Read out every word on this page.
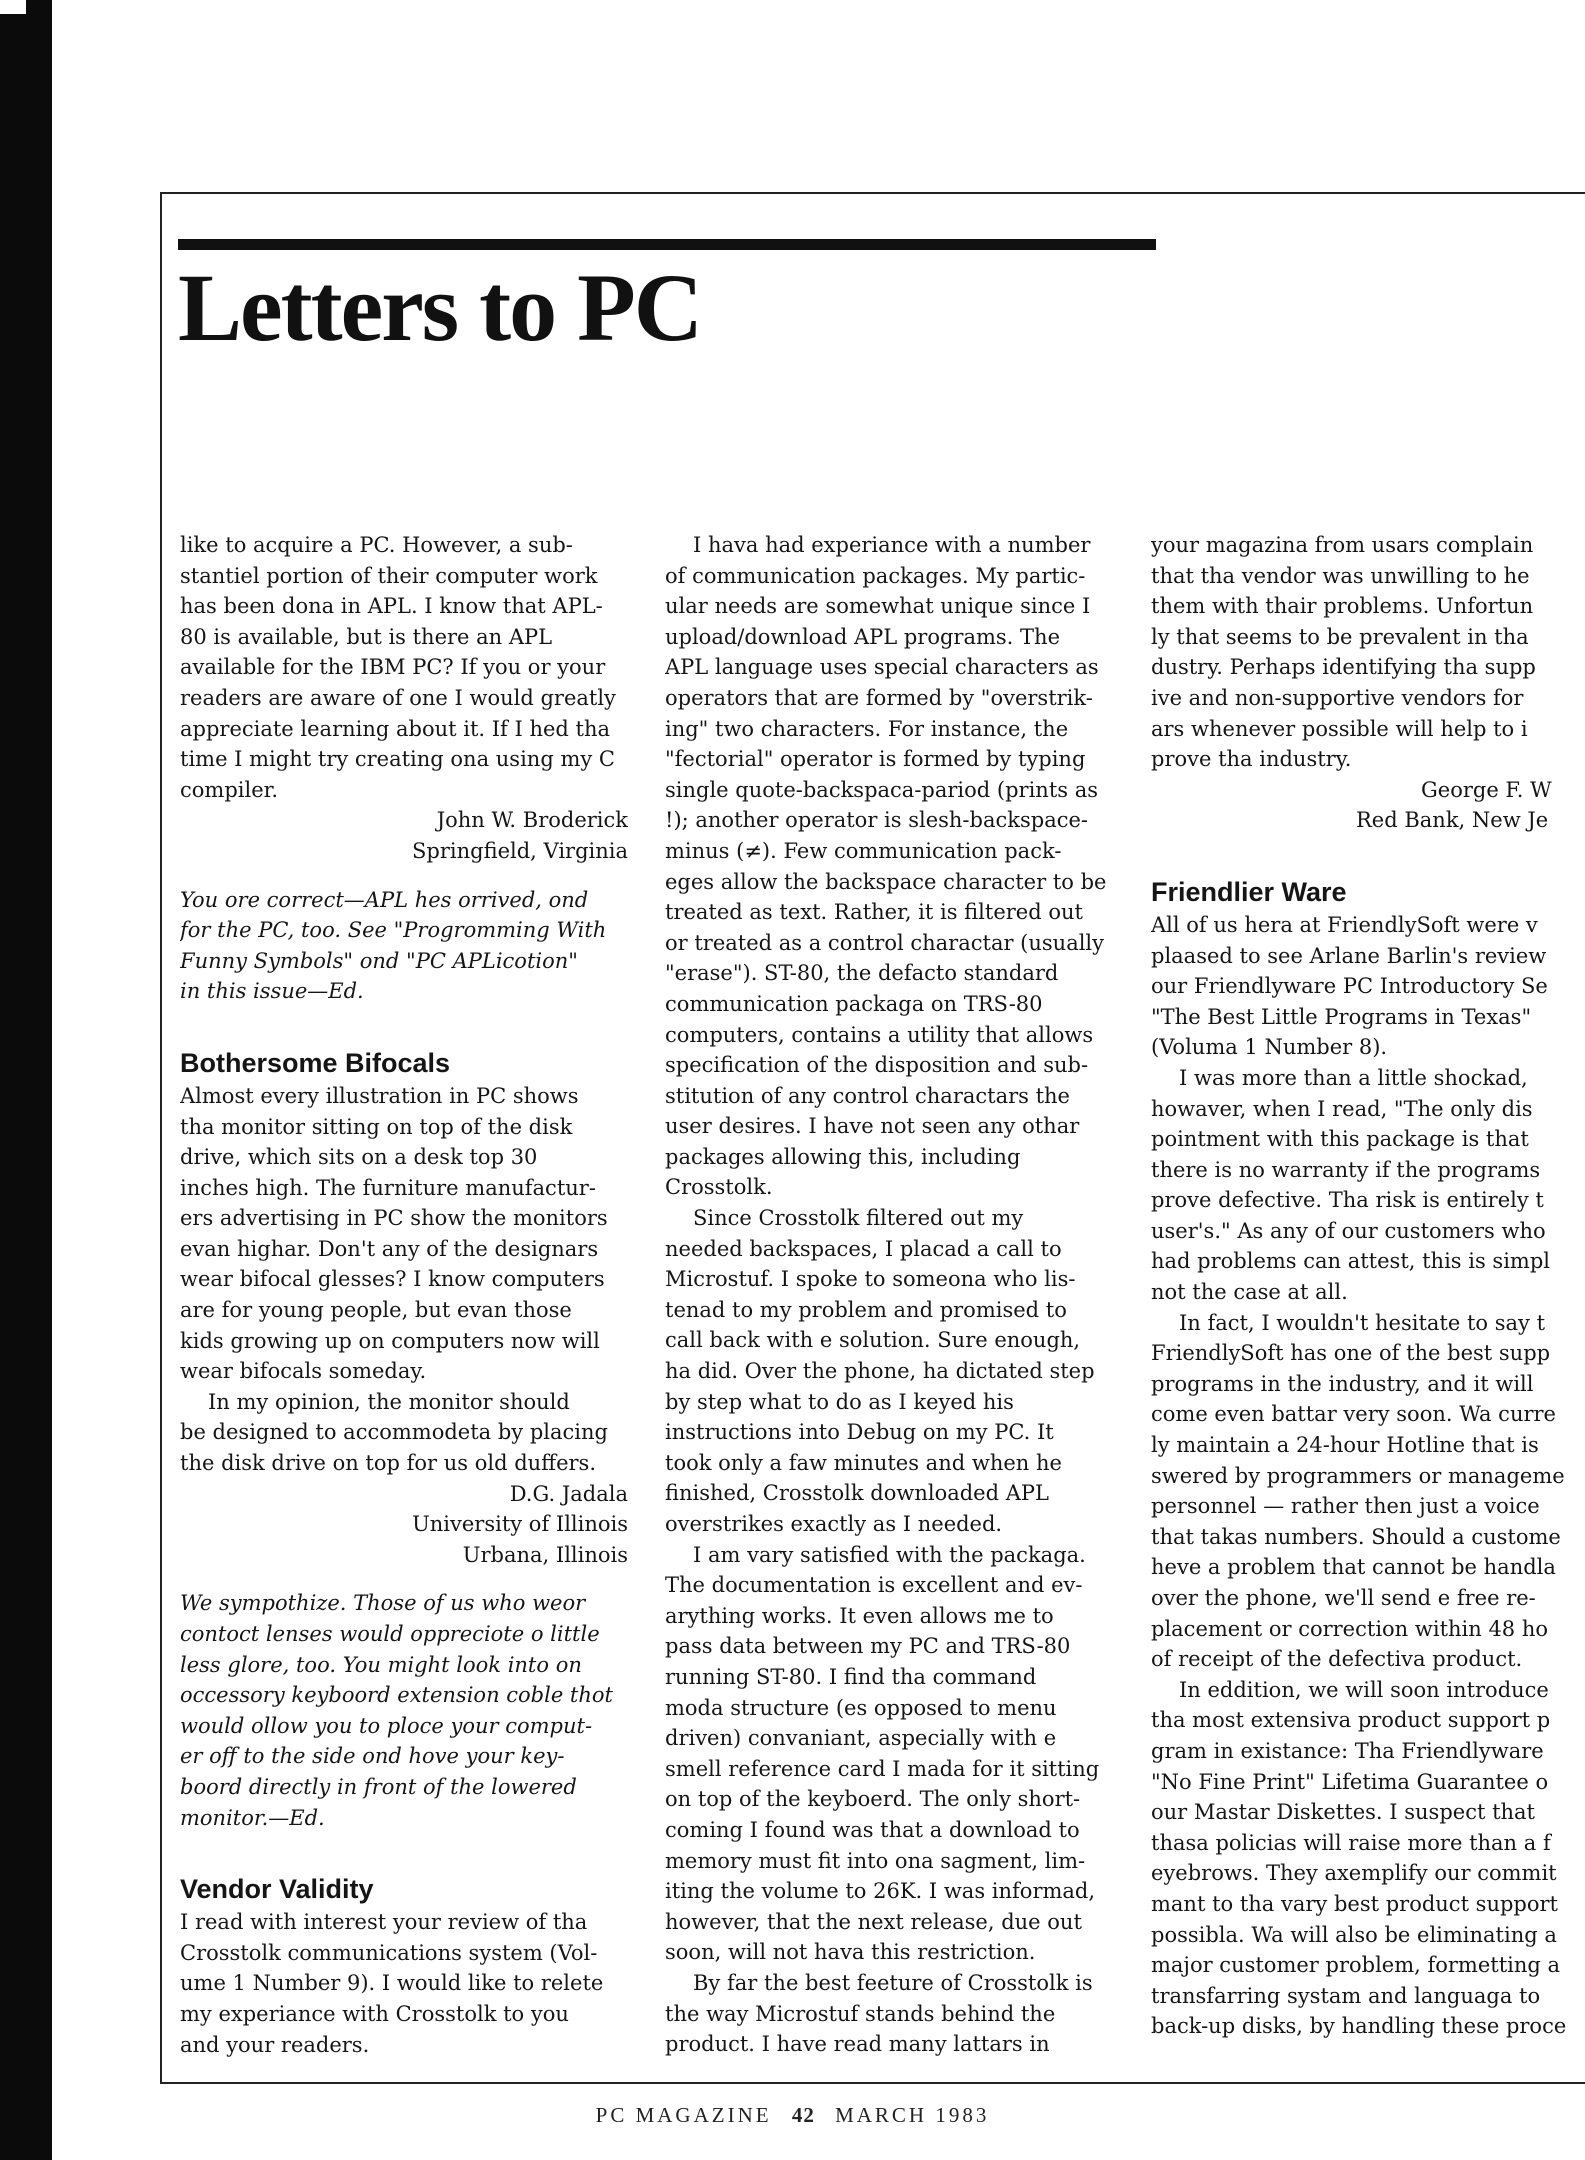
Letters to PC

like to acquire a PC. However, a sub-
stantiel portion of their computer work
has been dona in APL. I know that APL-
80 is available, but is there an APL
available for the IBM PC? If you or your
readers are aware of one I would greatly
appreciate learning about it. If I hed tha
time I might try creating ona using my C
compiler.

John W. Broderick

Springfield, Virginia

You ore correct—APL hes orrived, ond
for the PC, too. See "Progromming With
Funny Symbols" ond "PC APLicotion"
in this issue—Ed.

Bothersome Bifocals

Almost every illustration in PC shows
tha monitor sitting on top of the disk
drive, which sits on a desk top 30
inches high. The furniture manufactur-
ers advertising in PC show the monitors
evan highar. Don't any of the designars
wear bifocal glesses? I know computers
are for young people, but evan those
kids growing up on computers now will
wear bifocals someday.

In my opinion, the monitor should
be designed to accommodeta by placing
the disk drive on top for us old duffers.

D.G. Jadala

University of Illinois

Urbana, Illinois

We sympothize. Those of us who weor
contoct lenses would oppreciote o little
less glore, too. You might look into on
occessory keyboord extension coble thot
would ollow you to ploce your comput-
er off to the side ond hove your key-
boord directly in front of the lowered
monitor.—Ed.

Vendor Validity

I read with interest your review of tha
Crosstolk communications system (Vol-
ume 1 Number 9). I would like to relete
my experiance with Crosstolk to you
and your readers.

I hava had experiance with a number
of communication packages. My partic-
ular needs are somewhat unique since I
upload/download APL programs. The
APL language uses special characters as
operators that are formed by "overstrik-
ing" two characters. For instance, the
"fectorial" operator is formed by typing
single quote-backspaca-pariod (prints as
!); another operator is slesh-backspace-
minus (≠). Few communication pack-
eges allow the backspace character to be
treated as text. Rather, it is filtered out
or treated as a control charactar (usually
"erase"). ST-80, the defacto standard
communication packaga on TRS-80
computers, contains a utility that allows
specification of the disposition and sub-
stitution of any control charactars the
user desires. I have not seen any othar
packages allowing this, including
Crosstolk.

Since Crosstolk filtered out my
needed backspaces, I placad a call to
Microstuf. I spoke to someona who lis-
tenad to my problem and promised to
call back with e solution. Sure enough,
ha did. Over the phone, ha dictated step
by step what to do as I keyed his
instructions into Debug on my PC. It
took only a faw minutes and when he
finished, Crosstolk downloaded APL
overstrikes exactly as I needed.

I am vary satisfied with the packaga.
The documentation is excellent and ev-
arything works. It even allows me to
pass data between my PC and TRS-80
running ST-80. I find tha command
moda structure (es opposed to menu
driven) convaniant, aspecially with e
smell reference card I mada for it sitting
on top of the keyboerd. The only short-
coming I found was that a download to
memory must fit into ona sagment, lim-
iting the volume to 26K. I was informad,
however, that the next release, due out
soon, will not hava this restriction.

By far the best feeture of Crosstolk is
the way Microstuf stands behind the
product. I have read many lattars in

your magazina from usars complain
that tha vendor was unwilling to he
them with thair problems. Unfortun
ly that seems to be prevalent in tha
dustry. Perhaps identifying tha supp
ive and non-supportive vendors for
ars whenever possible will help to i
prove tha industry.

George F. W

Red Bank, New Je

Friendlier Ware

All of us hera at FriendlySoft were v
plaased to see Arlane Barlin's review
our Friendlyware PC Introductory Se
"The Best Little Programs in Texas"
(Voluma 1 Number 8).

I was more than a little shockad,
howaver, when I read, "The only dis
pointment with this package is that
there is no warranty if the programs
prove defective. Tha risk is entirely t
user's." As any of our customers who
had problems can attest, this is simpl
not the case at all.

In fact, I wouldn't hesitate to say t
FriendlySoft has one of the best supp
programs in the industry, and it will
come even battar very soon. Wa curre
ly maintain a 24-hour Hotline that is
swered by programmers or manageme
personnel — rather then just a voice
that takas numbers. Should a custome
heve a problem that cannot be handla
over the phone, we'll send e free re-
placement or correction within 48 ho
of receipt of the defectiva product.

In eddition, we will soon introduce
tha most extensiva product support p
gram in existance: Tha Friendlyware
"No Fine Print" Lifetima Guarantee o
our Mastar Diskettes. I suspect that
thasa policias will raise more than a f
eyebrows. They axemplify our commit
mant to tha vary best product support
possibla. Wa will also be eliminating a
major customer problem, formetting a
transfarring systam and languaga to
back-up disks, by handling these proce

PC MAGAZINE 42 MARCH 1983
